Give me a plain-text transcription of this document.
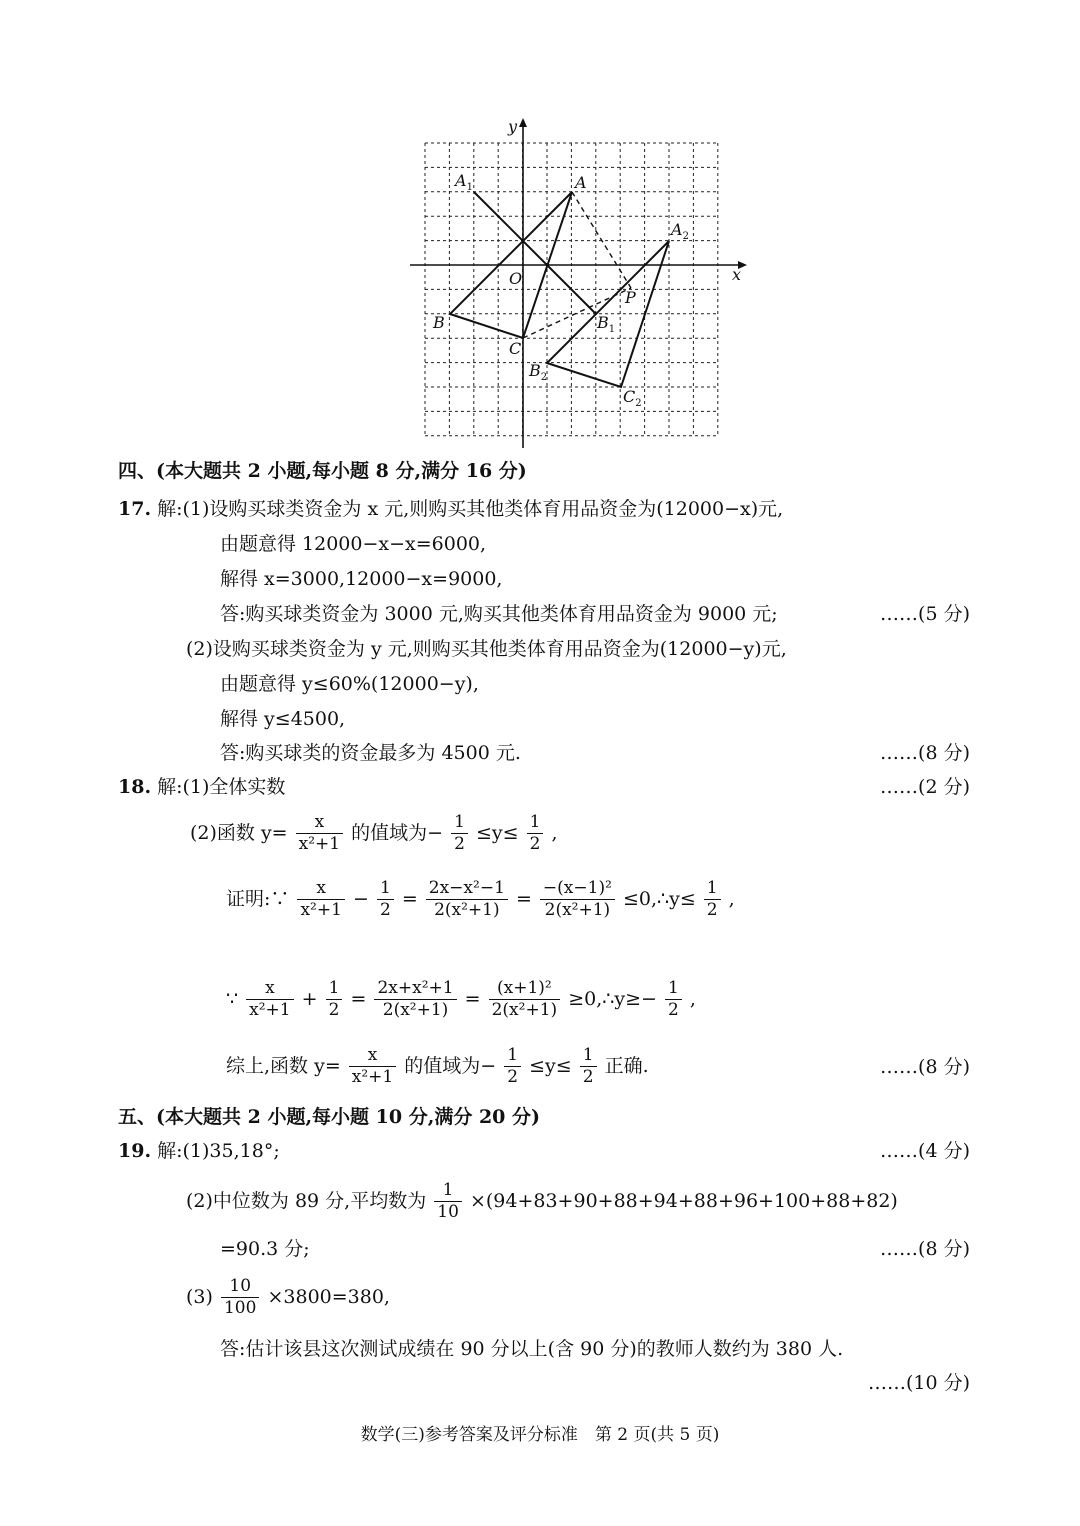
y
x
O
A
$A_1$
$A_2$
B	$B_1$
$B_2$
C
$C_2$
P
四、(本大题共 2 小题,每小题 8 分,满分 16 分)
17. 解:(1)设购买球类资金为 x 元,则购买其他类体育用品资金为(12000−x)元,
由题意得 12000−x−x=6000,
解得 x=3000,12000−x=9000,
答:购买球类资金为 3000 元,购买其他类体育用品资金为 9000 元;	……(5 分)
(2)设购买球类资金为 y 元,则购买其他类体育用品资金为(12000−y)元,
由题意得 y≤60%(12000−y),
解得 y≤4500,
答:购买球类的资金最多为 4500 元.	……(8 分)
18. 解:(1)全体实数	……(2 分)
(2)函数 $y= \frac{x}{\text{x²+1}}$ 的值域为− $\frac{1}{2} \le y\le \frac{1}{2}$ ,
证明:∵ $\frac{x}{\text{x²+1}} - \frac{1}{2} = \frac{\text{2x−x²−1}}{\text{2(x²+1)}} = \frac{\text{−(x−1)²}}{\text{2(x²+1)}}$ ≤0,∴y≤ $\frac{1}{2}$ ,
∵ $\frac{x}{\text{x²+1}} + \frac{1}{2} = \frac{\text{2x+x²+1}}{\text{2(x²+1)}} = \frac{\text{(x+1)²}}{\text{2(x²+1)}}$ ≥0,∴y≥− $\frac{1}{2}$ ,
综上,函数 $y= \frac{x}{\text{x²+1}}$ 的值域为− $\frac{1}{2} \le y\le \frac{1}{2}$ 正确.	……(8 分)
五、(本大题共 2 小题,每小题 10 分,满分 20 分)
19. 解:(1)35,18°;	……(4 分)
(2)中位数为 89 分,平均数为 $\frac{1}{10} \times(94+83+90+88+94+88+96+100+88+82)$
=90.3 分;	……(8 分)
$(3) \frac{10}{100} \times 3800=380$,
答:估计该县这次测试成绩在 90 分以上(含 90 分)的教师人数约为 380 人.
……(10 分)
数学(三)参考答案及评分标准　第 2 页(共 5 页)
